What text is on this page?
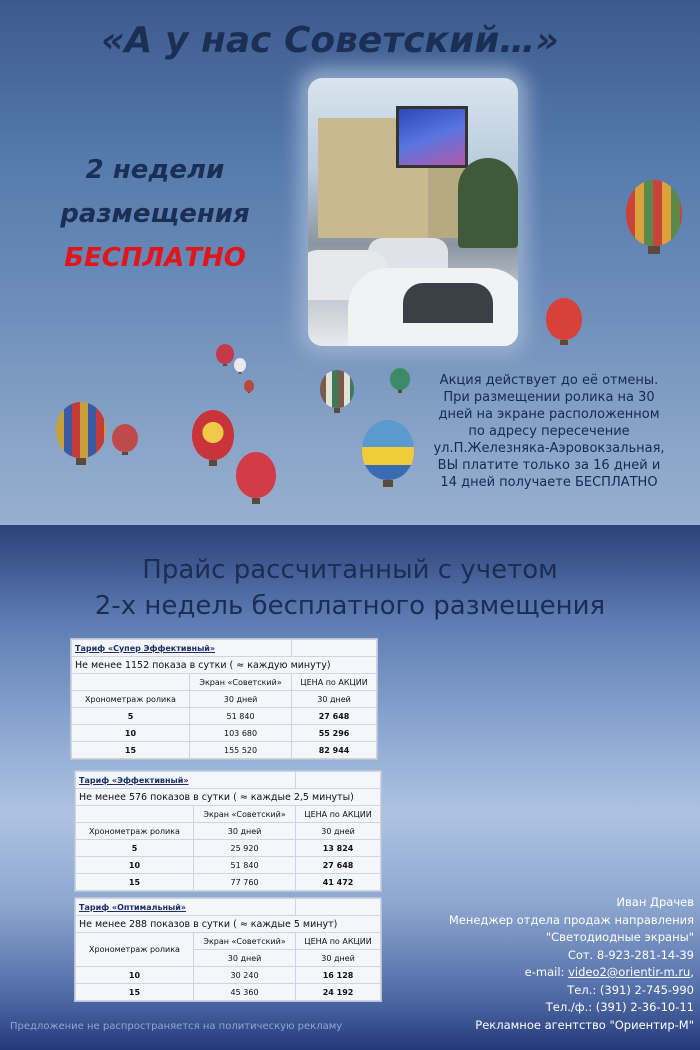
«А у нас Советский…»
2 недели
размещения
БЕСПЛАТНО
Акция действует до её отмены.
При размещении ролика на 30
дней на экране расположенном
по адресу пересечение
ул.П.Железняка-Аэровокзальная,
ВЫ платите только за 16 дней и
14 дней получаете БЕСПЛАТНО
Прайс рассчитанный с учетом
2-х недель бесплатного размещения
Тариф «Супер Эффективный»		
Не менее 1152 показа в сутки ( ≈ каждую минуту)		
	Экран «Советский»	ЦЕНА по АКЦИИ
Хронометраж ролика	30 дней	30 дней
5	51 840	27 648
10	103 680	55 296
15	155 520	82 944
Тариф «Эффективный»		
Не менее 576 показов в сутки ( ≈ каждые 2,5 минуты)		
	Экран «Советский»	ЦЕНА по АКЦИИ
Хронометраж ролика	30 дней	30 дней
5	25 920	13 824
10	51 840	27 648
15	77 760	41 472
Тариф «Оптимальный»		
Не менее 288 показов в сутки ( ≈ каждые 5 минут)		
Хронометраж ролика	Экран «Советский»	ЦЕНА по АКЦИИ
	30 дней	30 дней
10	30 240	16 128
15	45 360	24 192
Иван Драчев
Менеджер отдела продаж направления
"Светодиодные экраны"
Сот. 8-923-281-14-39
e-mail: video2@orientir-m.ru,
Тел.: (391) 2-745-990
Тел./ф.: (391) 2-36-10-11
Рекламное агентство "Ориентир-М"
Предложение не распространяется на политическую рекламу
